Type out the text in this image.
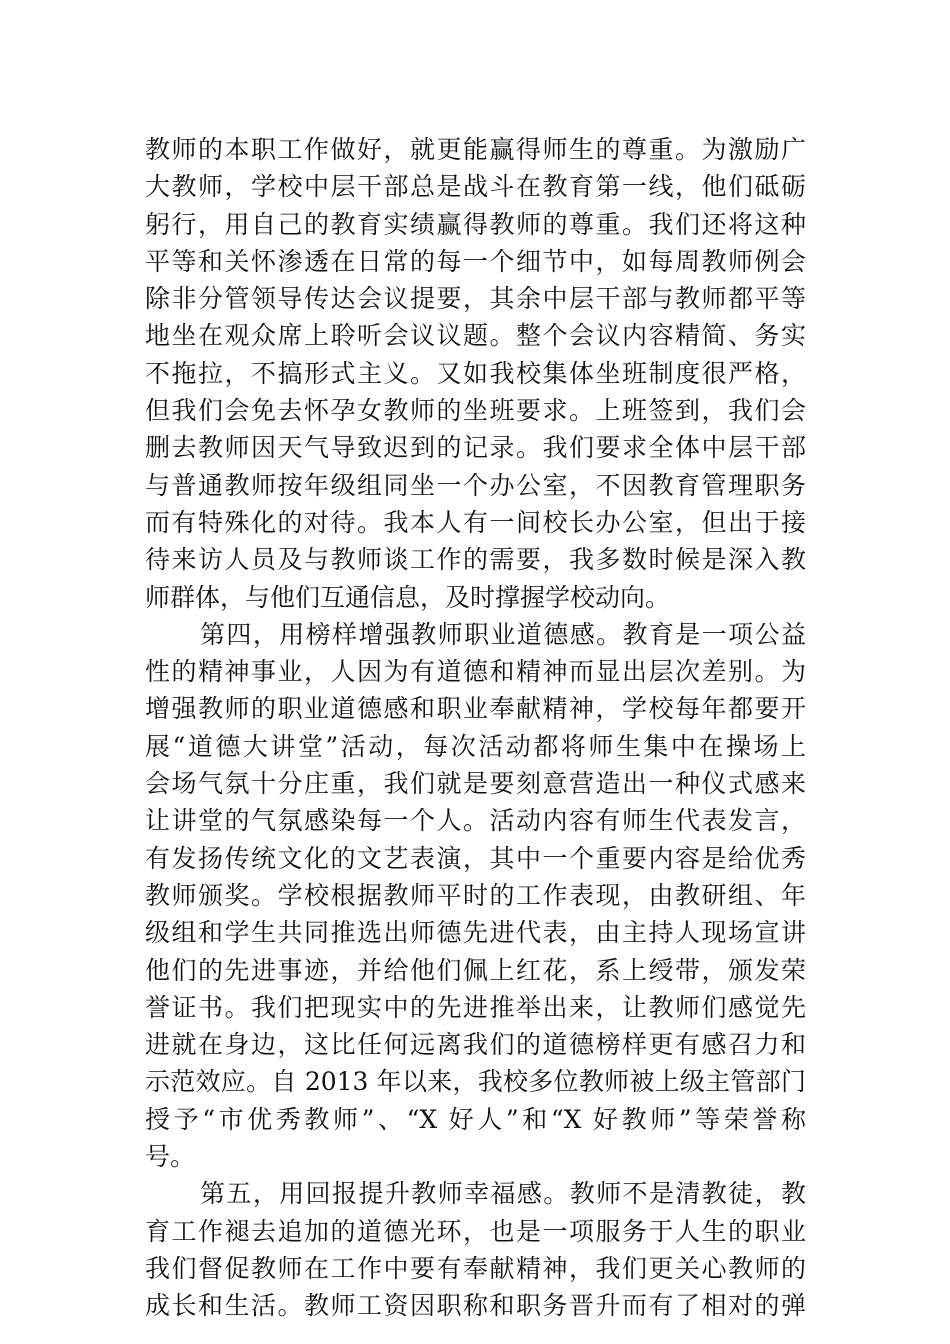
教师的本职工作做好，就更能赢得师生的尊重。为激励广
大教师，学校中层干部总是战斗在教育第一线，他们砥砺
躬行，用自己的教育实绩赢得教师的尊重。我们还将这种
平等和关怀渗透在日常的每一个细节中，如每周教师例会
除非分管领导传达会议提要，其余中层干部与教师都平等
地坐在观众席上聆听会议议题。整个会议内容精简、务实
不拖拉，不搞形式主义。又如我校集体坐班制度很严格，
但我们会免去怀孕女教师的坐班要求。上班签到，我们会
删去教师因天气导致迟到的记录。我们要求全体中层干部
与普通教师按年级组同坐一个办公室，不因教育管理职务
而有特殊化的对待。我本人有一间校长办公室，但出于接
待来访人员及与教师谈工作的需要，我多数时候是深入教
师群体，与他们互通信息，及时撑握学校动向。
第四，用榜样增强教师职业道德感。教育是一项公益
性的精神事业，人因为有道德和精神而显出层次差别。为
增强教师的职业道德感和职业奉献精神，学校每年都要开
展“道德大讲堂”活动，每次活动都将师生集中在操场上
会场气氛十分庄重，我们就是要刻意营造出一种仪式感来
让讲堂的气氛感染每一个人。活动内容有师生代表发言，
有发扬传统文化的文艺表演，其中一个重要内容是给优秀
教师颁奖。学校根据教师平时的工作表现，由教研组、年
级组和学生共同推选出师德先进代表，由主持人现场宣讲
他们的先进事迹，并给他们佩上红花，系上绶带，颁发荣
誉证书。我们把现实中的先进推举出来，让教师们感觉先
进就在身边，这比任何远离我们的道德榜样更有感召力和
示范效应。自 2013 年以来，我校多位教师被上级主管部门
授予“市优秀教师”、“X 好人”和“X 好教师”等荣誉称
号。
第五，用回报提升教师幸福感。教师不是清教徒，教
育工作褪去追加的道德光环，也是一项服务于人生的职业
我们督促教师在工作中要有奉献精神，我们更关心教师的
成长和生活。教师工资因职称和职务晋升而有了相对的弹
